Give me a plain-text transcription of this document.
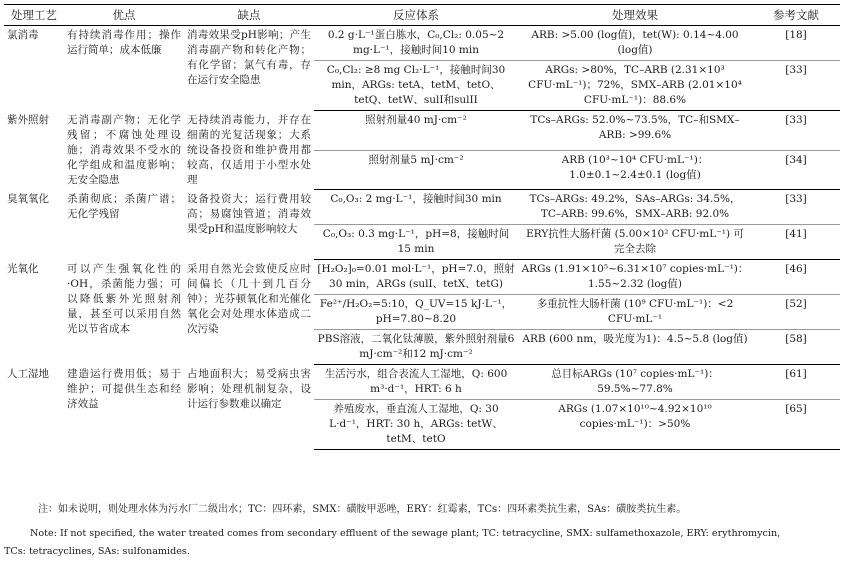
处理工艺	优点	缺点	反应体系	处理效果	参考文献
氯消毒	有持续消毒作用；操作运行简单；成本低廉	消毒效果受pH影响；产生消毒副产物和转化产物；有化学留；氯气有毒，存在运行安全隐患	0.2 g·L⁻¹蛋白胨水，C₀,Cl₂: 0.05~2 mg·L⁻¹，接触时间10 min	ARB: >5.00 (log值)，tet(W): 0.14~4.00 (log值)	[18]
			C₀,Cl₂: ≥8 mg Cl₂·L⁻¹，接触时间30 min，ARGs: tetA、tetM、tetO、tetQ、tetW、sulI和sulII	ARGs: >80%，TC–ARB (2.31×10³ CFU·mL⁻¹)；72%，SMX–ARB (2.01×10⁴ CFU·mL⁻¹)：88.6%	[33]
紫外照射	无消毒副产物；无化学残留；不腐蚀处理设施；消毒效果不受水的化学组成和温度影响；无安全隐患	无持续消毒能力，并存在细菌的光复活现象；大系统设备投资和维护费用都较高，仅适用于小型水处理	照射剂量40 mJ·cm⁻²	TCs–ARGs: 52.0%~73.5%，TC–和SMX–ARB: >99.6%	[33]
			照射剂量5 mJ·cm⁻²	ARB (10³~10⁴ CFU·mL⁻¹)：1.0±0.1~2.4±0.1 (log值)	[34]
臭氧氧化	杀菌彻底；杀菌广谱；无化学残留	设备投资大；运行费用较高；易腐蚀管道；消毒效果受pH和温度影响较大	C₀,O₃: 2 mg·L⁻¹，接触时间30 min	TCs–ARGs: 49.2%，SAs–ARGs: 34.5%，TC–ARB: 99.6%，SMX–ARB: 92.0%	[33]
			C₀,O₃: 0.3 mg·L⁻¹，pH=8，接触时间15 min	ERY抗性大肠杆菌 (5.00×10² CFU·mL⁻¹) 可完全去除	[41]
光氧化	可以产生强氧化性的·OH，杀菌能力强；可以降低紫外光照射剂量，甚至可以采用自然光以节省成本	采用自然光会致使反应时间偏长（几十到几百分钟）；光芬顿氧化和光催化氧化会对处理水体造成二次污染	[H₂O₂]₀=0.01 mol·L⁻¹，pH=7.0，照射30 min，ARGs (sulI、tetX、tetG)	ARGs (1.91×10⁵~6.31×10⁷ copies·mL⁻¹)：1.55~2.32 (log值)	[46]
			Fe²⁺/H₂O₂=5:10，Q_UV=15 kJ·L⁻¹，pH=7.80~8.20	多重抗性大肠杆菌 (10⁹ CFU·mL⁻¹)：<2 CFU·mL⁻¹	[52]
			PBS溶液，二氧化钛薄膜，紫外照射剂量6 mJ·cm⁻²和12 mJ·cm⁻²	ARB (600 nm，吸光度为1)：4.5~5.8 (log值)	[58]
人工湿地	建造运行费用低；易于维护；可提供生态和经济效益	占地面积大；易受病虫害影响；处理机制复杂，设计运行参数难以确定	生活污水，组合表流人工湿地，Q: 600 m³·d⁻¹，HRT: 6 h	总目标ARGs (10⁷ copies·mL⁻¹)：59.5%~77.8%	[61]
			养殖废水，垂直流人工湿地，Q: 30 L·d⁻¹，HRT: 30 h，ARGs: tetW、tetM、tetO	ARGs (1.07×10¹⁰~4.92×10¹⁰ copies·mL⁻¹)：>50%	[65]
注：如未说明，则处理水体为污水厂二级出水；TC：四环素，SMX：磺胺甲恶唑，ERY：红霉素，TCs：四环素类抗生素，SAs：磺胺类抗生素。
Note: If not specified, the water treated comes from secondary effluent of the sewage plant; TC: tetracycline, SMX: sulfamethoxazole, ERY: erythromycin,
TCs: tetracyclines, SAs: sulfonamides.
